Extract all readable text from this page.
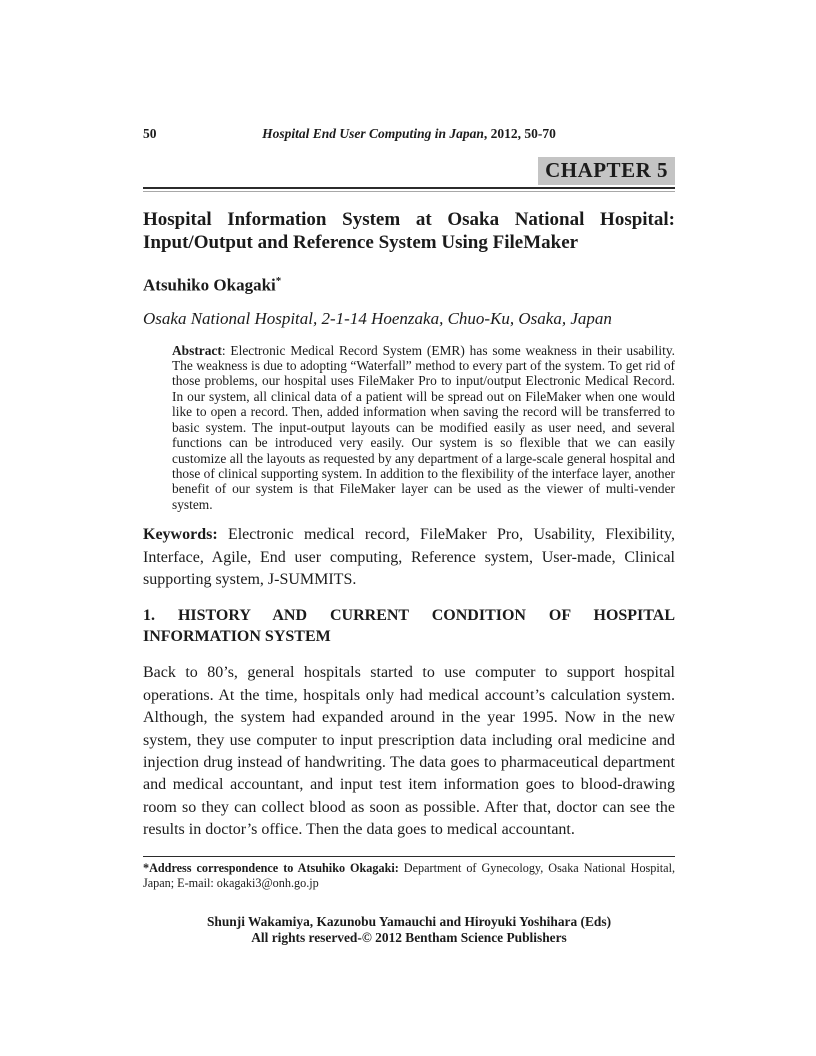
50	Hospital End User Computing in Japan, 2012, 50-70
CHAPTER 5
Hospital Information System at Osaka National Hospital:
Input/Output and Reference System Using FileMaker
Atsuhiko Okagaki*
Osaka National Hospital, 2-1-14 Hoenzaka, Chuo-Ku, Osaka, Japan
Abstract: Electronic Medical Record System (EMR) has some weakness in their usability. The weakness is due to adopting “Waterfall” method to every part of the system. To get rid of those problems, our hospital uses FileMaker Pro to input/output Electronic Medical Record. In our system, all clinical data of a patient will be spread out on FileMaker when one would like to open a record. Then, added information when saving the record will be transferred to basic system. The input-output layouts can be modified easily as user need, and several functions can be introduced very easily. Our system is so flexible that we can easily customize all the layouts as requested by any department of a large-scale general hospital and those of clinical supporting system. In addition to the flexibility of the interface layer, another benefit of our system is that FileMaker layer can be used as the viewer of multi-vender system.
Keywords: Electronic medical record, FileMaker Pro, Usability, Flexibility, Interface, Agile, End user computing, Reference system, User-made, Clinical supporting system, J-SUMMITS.
1. HISTORY AND CURRENT CONDITION OF HOSPITAL
INFORMATION SYSTEM
Back to 80’s, general hospitals started to use computer to support hospital operations. At the time, hospitals only had medical account’s calculation system. Although, the system had expanded around in the year 1995. Now in the new system, they use computer to input prescription data including oral medicine and injection drug instead of handwriting. The data goes to pharmaceutical department and medical accountant, and input test item information goes to blood-drawing room so they can collect blood as soon as possible. After that, doctor can see the results in doctor’s office. Then the data goes to medical accountant.
*Address correspondence to Atsuhiko Okagaki: Department of Gynecology, Osaka National Hospital, Japan; E-mail: okagaki3@onh.go.jp
Shunji Wakamiya, Kazunobu Yamauchi and Hiroyuki Yoshihara (Eds)
All rights reserved-© 2012 Bentham Science Publishers
